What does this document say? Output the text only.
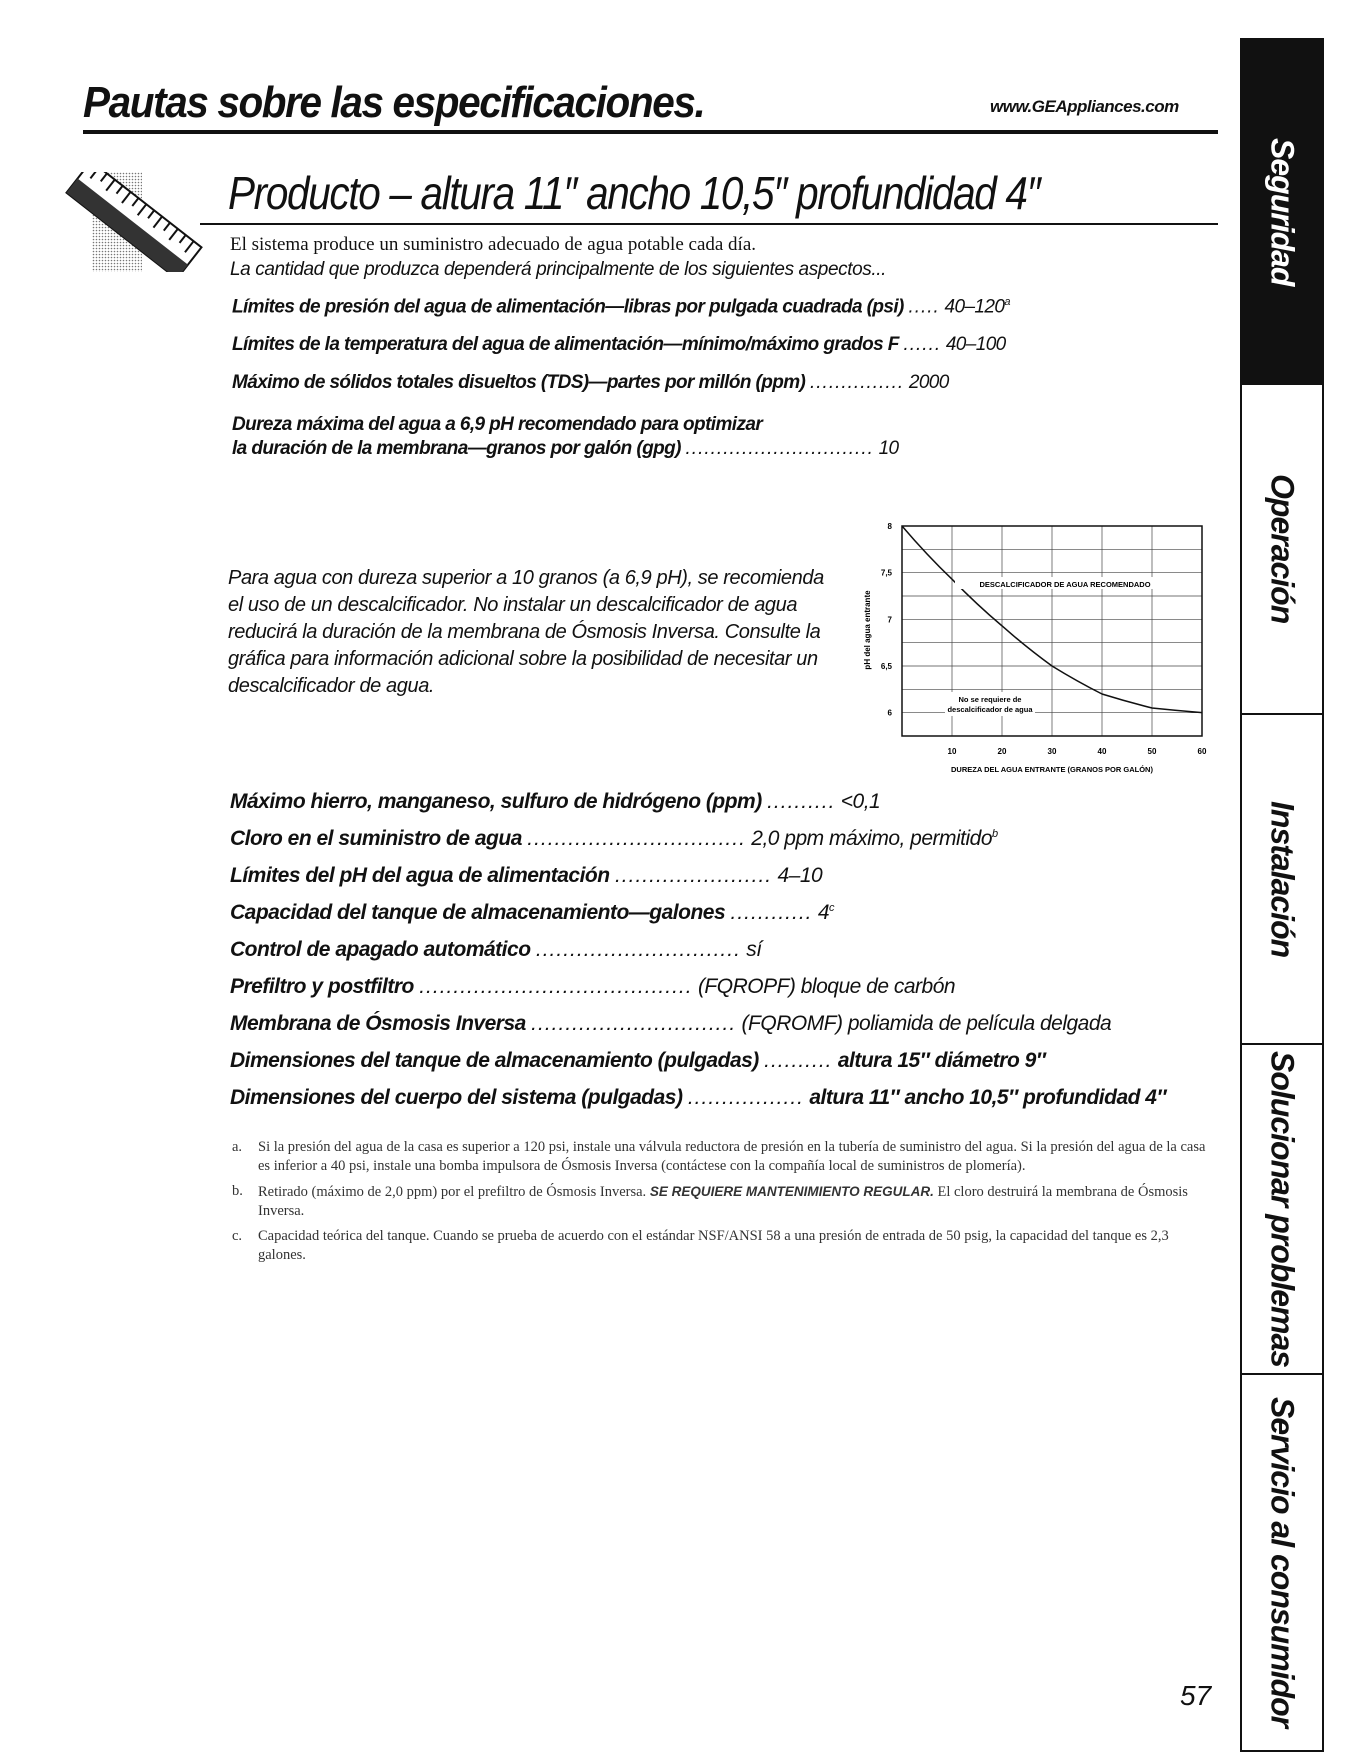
Pautas sobre las especificaciones.	www.GEAppliances.com
Producto – altura 11″ ancho 10,5″ profundidad 4″
El sistema produce un suministro adecuado de agua potable cada día.
La cantidad que produzca dependerá principalmente de los siguientes aspectos...
Límites de presión del agua de alimentación—libras por pulgada cuadrada (psi) ..... 40–120$^a$
Límites de la temperatura del agua de alimentación—mínimo/máximo grados F ...... 40–100
Máximo de sólidos totales disueltos (TDS)—partes por millón (ppm) ............... 2000
Dureza máxima del agua a 6,9 pH recomendado para optimizar
la duración de la membrana—granos por galón (gpg) .............................. 10
Para agua con dureza superior a 10 granos (a 6,9 pH), se recomienda el uso de un descalcificador. No instalar un descalcificador de agua reducirá la duración de la membrana de Ósmosis Inversa. Consulte la gráfica para información adicional sobre la posibilidad de necesitar un descalcificador de agua.
8
7,5
7
6,5
6
10	20	30	40	50	60
DESCALCIFICADOR DE AGUA RECOMENDADO
No se requiere de
descalcificador de agua
pH del agua entrante
DUREZA DEL AGUA ENTRANTE (GRANOS POR GALÓN)
Máximo hierro, manganeso, sulfuro de hidrógeno (ppm) .......... <0,1
Cloro en el suministro de agua ................................ 2,0 ppm máximo, permitido$^b$
Límites del pH del agua de alimentación ....................... 4–10
Capacidad del tanque de almacenamiento—galones ............ 4$^c$
Control de apagado automático .............................. sí
Prefiltro y postfiltro ........................................ (FQROPF) bloque de carbón
Membrana de Ósmosis Inversa .............................. (FQROMF) poliamida de película delgada
Dimensiones del tanque de almacenamiento (pulgadas) .......... altura 15″ diámetro 9″
Dimensiones del cuerpo del sistema (pulgadas) ................. altura 11″ ancho 10,5″ profundidad 4″
a.	Si la presión del agua de la casa es superior a 120 psi, instale una válvula reductora de presión en la tubería de suministro del agua. Si la presión del agua de la casa es inferior a 40 psi, instale una bomba impulsora de Ósmosis Inversa (contáctese con la compañía local de suministros de plomería).
b.	Retirado (máximo de 2,0 ppm) por el prefiltro de Ósmosis Inversa. SE REQUIERE MANTENIMIENTO REGULAR. El cloro destruirá la membrana de Ósmosis Inversa.
c.	Capacidad teórica del tanque. Cuando se prueba de acuerdo con el estándar NSF/ANSI 58 a una presión de entrada de 50 psig, la capacidad del tanque es 2,3 galones.
57
Seguridad
Operación
Instalación
Solucionar problemas
Servicio al consumidor
